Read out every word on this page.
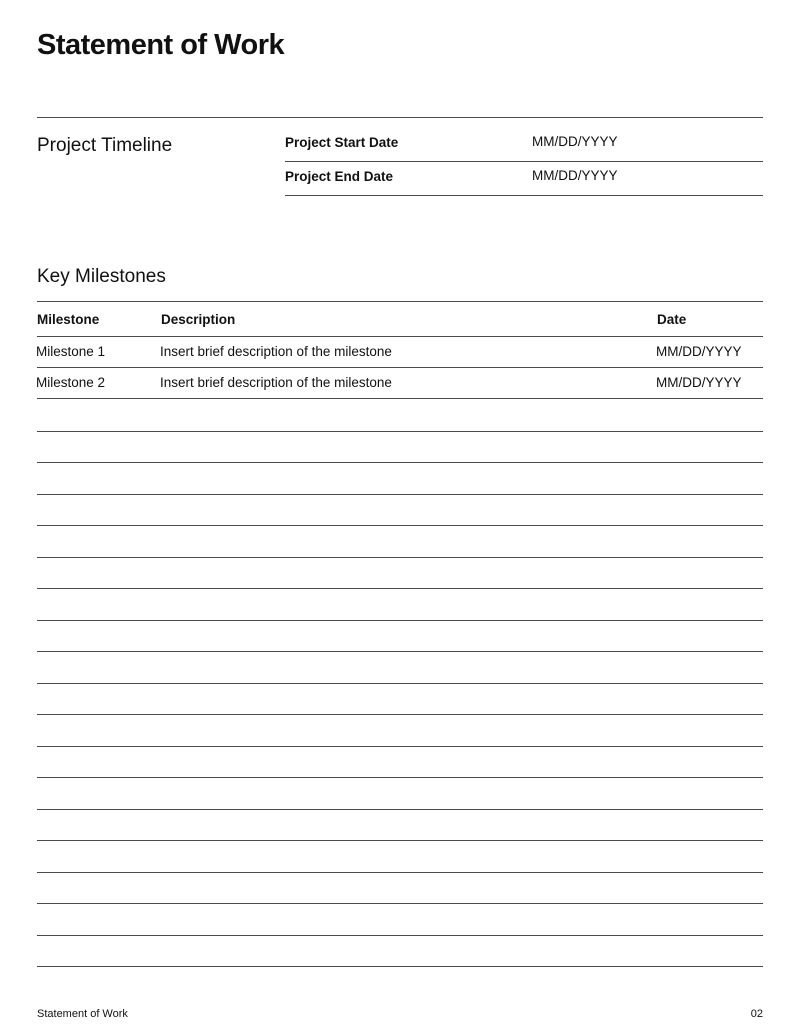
Statement of Work
Project Timeline	Project Start Date	MM/DD/YYYY
Project End Date	MM/DD/YYYY
Key Milestones
Milestone	Description	Date
Milestone 1	Insert brief description of the milestone	MM/DD/YYYY
Milestone 2	Insert brief description of the milestone	MM/DD/YYYY
Statement of Work	02
